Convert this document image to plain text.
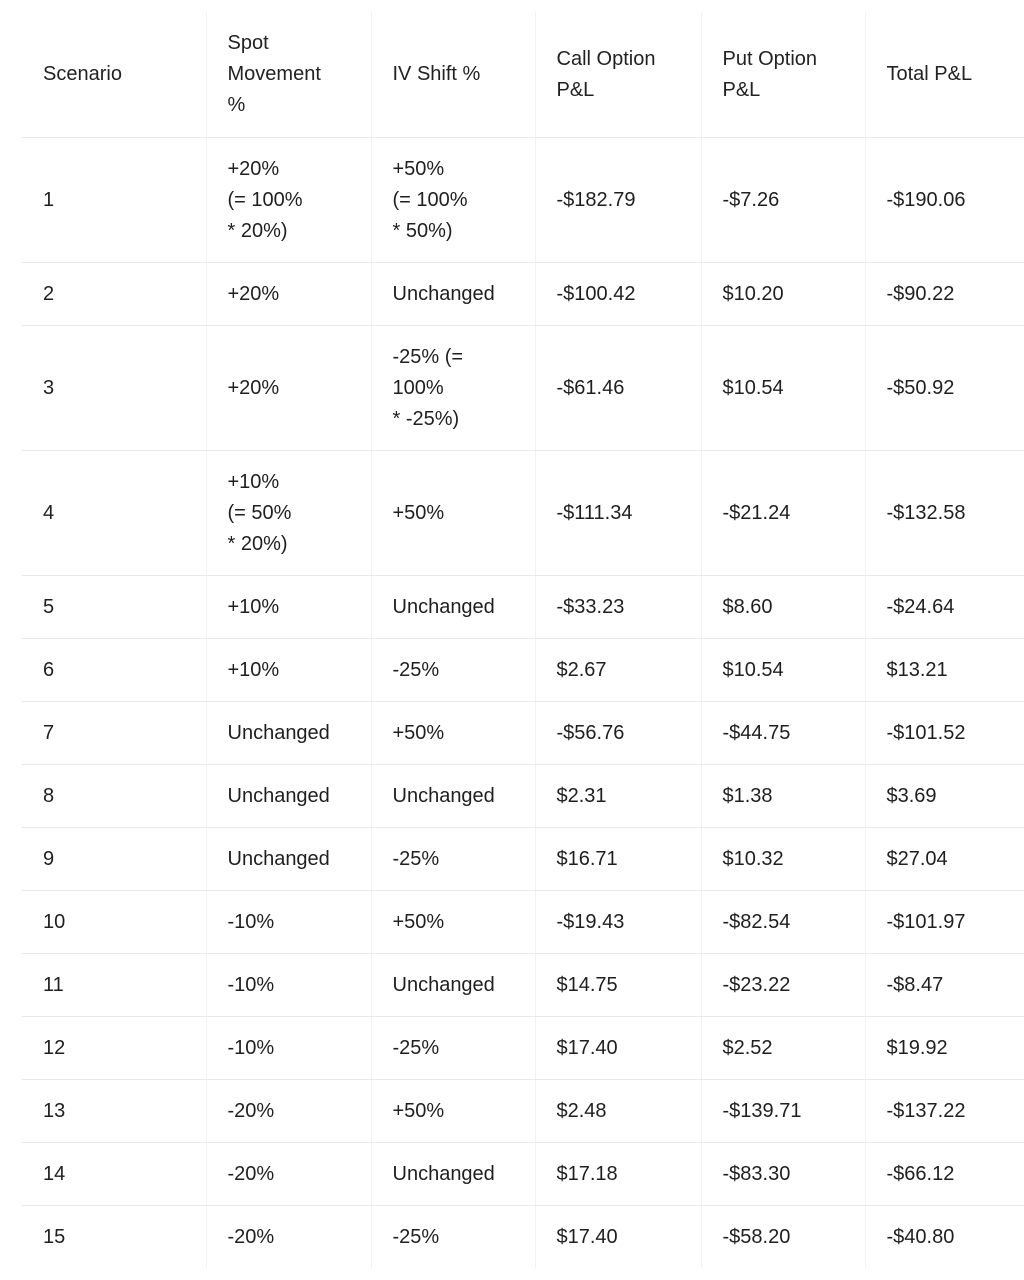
Scenario	Spot
Movement
%	IV Shift %	Call Option
P&L	Put Option
P&L	Total P&L
1	+20%
(= 100%
* 20%)	+50%
(= 100%
* 50%)	-$182.79	-$7.26	-$190.06
2	+20%	Unchanged	-$100.42	$10.20	-$90.22
3	+20%	-25% (=
100%
* -25%)	-$61.46	$10.54	-$50.92
4	+10%
(= 50%
* 20%)	+50%	-$111.34	-$21.24	-$132.58
5	+10%	Unchanged	-$33.23	$8.60	-$24.64
6	+10%	-25%	$2.67	$10.54	$13.21
7	Unchanged	+50%	-$56.76	-$44.75	-$101.52
8	Unchanged	Unchanged	$2.31	$1.38	$3.69
9	Unchanged	-25%	$16.71	$10.32	$27.04
10	-10%	+50%	-$19.43	-$82.54	-$101.97
11	-10%	Unchanged	$14.75	-$23.22	-$8.47
12	-10%	-25%	$17.40	$2.52	$19.92
13	-20%	+50%	$2.48	-$139.71	-$137.22
14	-20%	Unchanged	$17.18	-$83.30	-$66.12
15	-20%	-25%	$17.40	-$58.20	-$40.80
